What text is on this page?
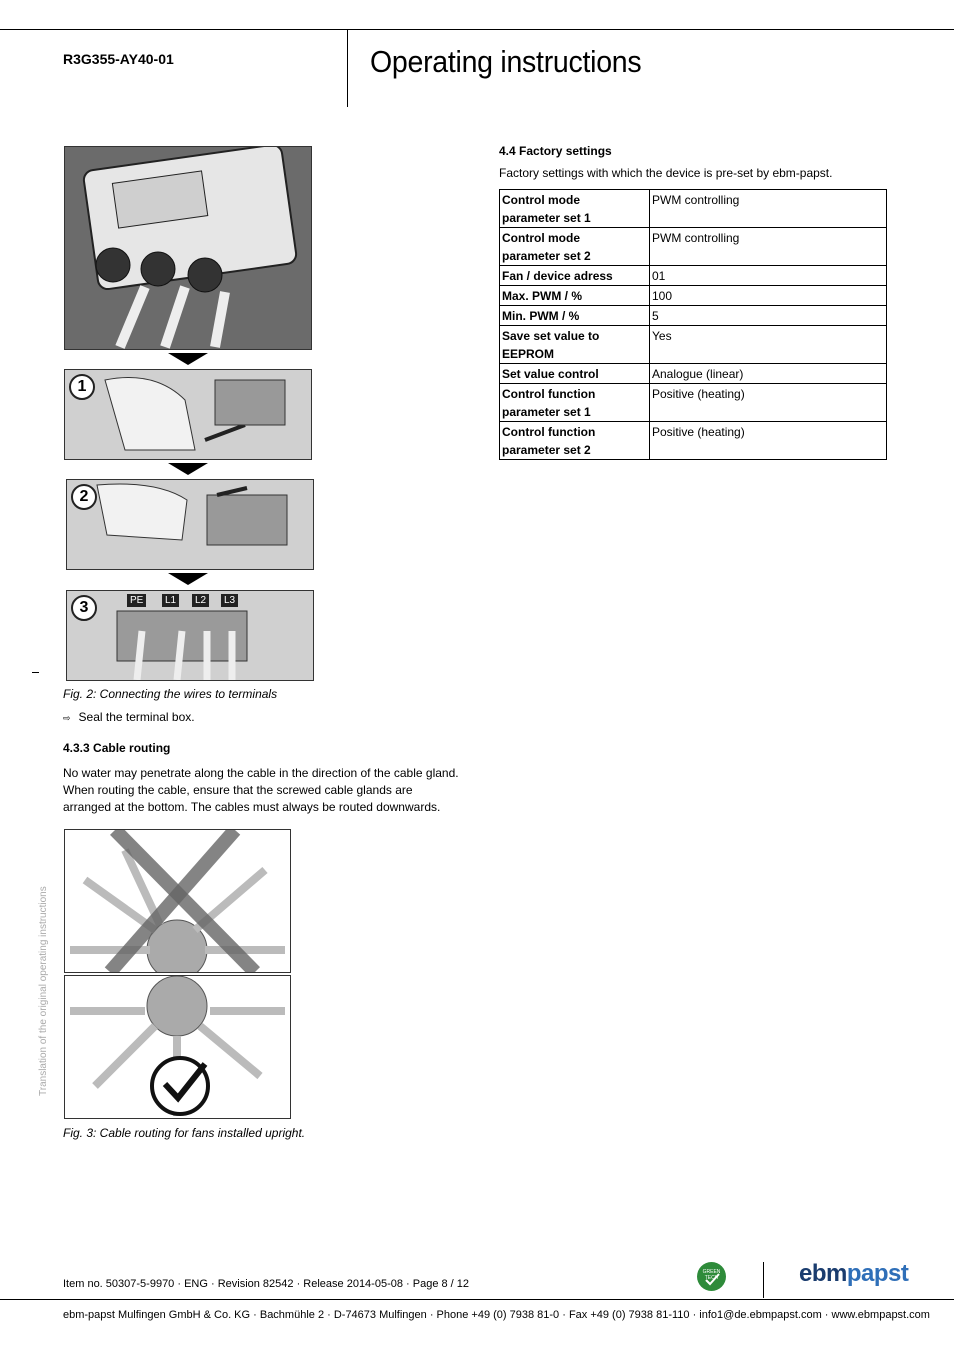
R3G355-AY40-01	Operating instructions
1
2
3	PE	L1	L2	L3
Fig. 2: Connecting the wires to terminals
⇨ Seal the terminal box.
4.3.3 Cable routing
No water may penetrate along the cable in the direction of the cable gland.
When routing the cable, ensure that the screwed cable glands are
arranged at the bottom. The cables must always be routed downwards.
Fig. 3: Cable routing for fans installed upright.
4.4 Factory settings
Factory settings with which the device is pre-set by ebm-papst.
Control mode
parameter set 1	PWM controlling

Control mode
parameter set 2	PWM controlling

Fan / device adress	01

Max. PWM / %	100

Min. PWM / %	5

Save set value to
EEPROM	Yes

Set value control	Analogue (linear)

Control function
parameter set 1	Positive (heating)

Control function
parameter set 2	Positive (heating)
Translation of the original operating instructions
Item no. 50307-5-9970 · ENG · Revision 82542 · Release 2014-05-08 · Page 8 / 12
GREEN TECH	ebmpapst
ebm-papst Mulfingen GmbH & Co. KG · Bachmühle 2 · D-74673 Mulfingen · Phone +49 (0) 7938 81-0 · Fax +49 (0) 7938 81-110 · info1@de.ebmpapst.com · www.ebmpapst.com
